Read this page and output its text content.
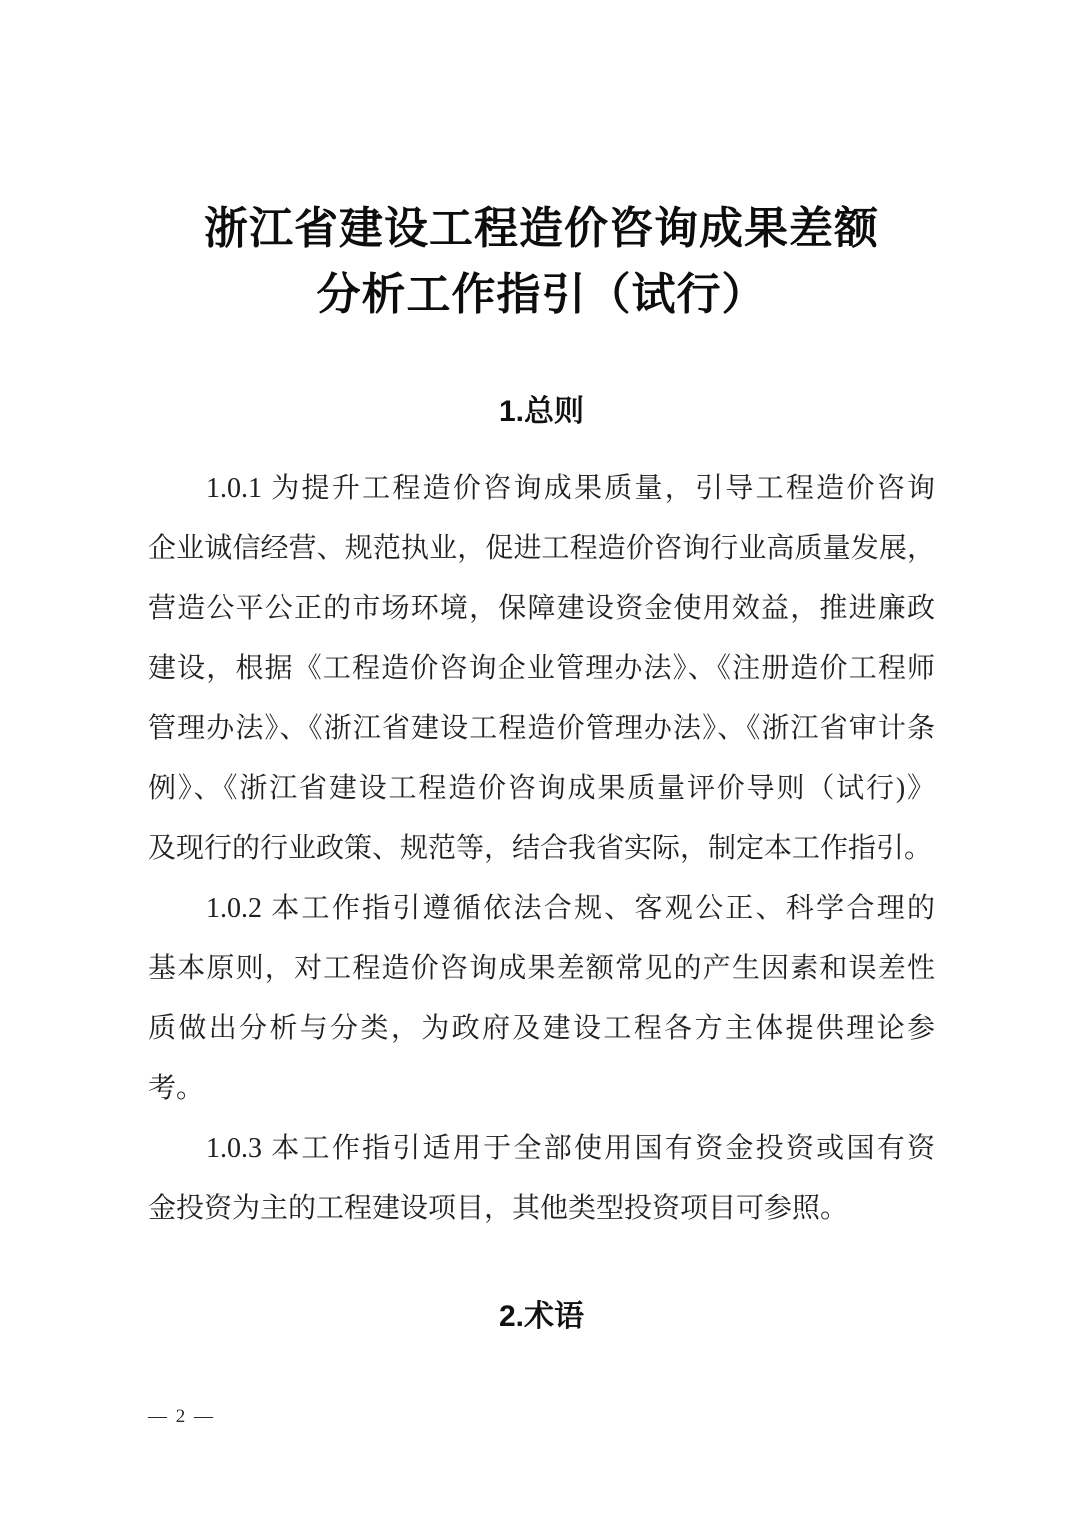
浙江省建设工程造价咨询成果差额
分析工作指引（试行）
1.总则
1.0.1 为提升工程造价咨询成果质量，引导工程造价咨询
企业诚信经营、规范执业，促进工程造价咨询行业高质量发展，
营造公平公正的市场环境，保障建设资金使用效益，推进廉政
建设，根据《工程造价咨询企业管理办法》、《注册造价工程师
管理办法》、《浙江省建设工程造价管理办法》、《浙江省审计条
例》、《浙江省建设工程造价咨询成果质量评价导则（试行)》
及现行的行业政策、规范等，结合我省实际，制定本工作指引。
1.0.2 本工作指引遵循依法合规、客观公正、科学合理的
基本原则，对工程造价咨询成果差额常见的产生因素和误差性
质做出分析与分类，为政府及建设工程各方主体提供理论参
考。
1.0.3 本工作指引适用于全部使用国有资金投资或国有资
金投资为主的工程建设项目，其他类型投资项目可参照。
2.术语
— 2 —
